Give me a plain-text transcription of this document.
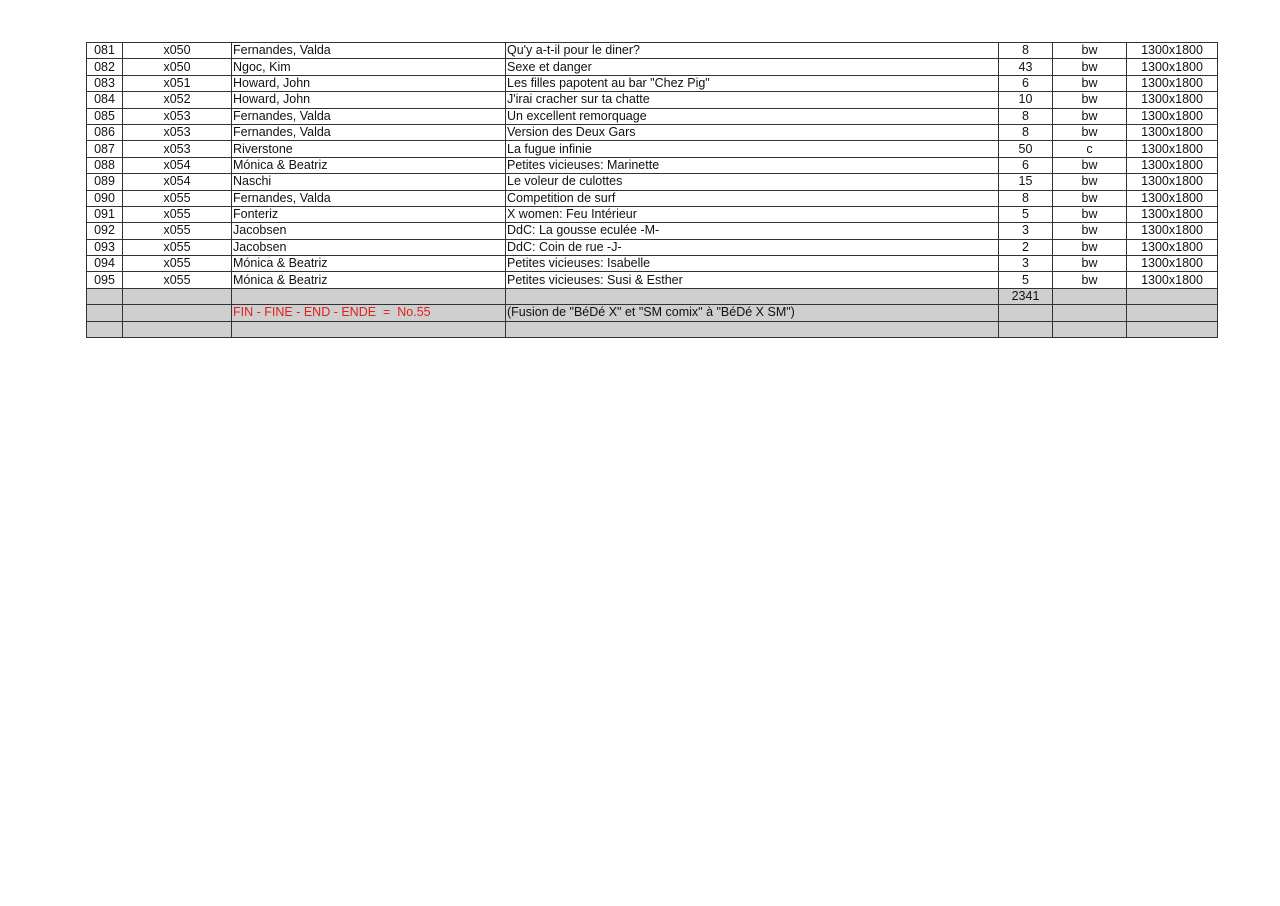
081	x050	Fernandes, Valda	Qu'y a-t-il pour le diner?	8	bw	1300x1800
082	x050	Ngoc, Kim	Sexe et danger	43	bw	1300x1800
083	x051	Howard, John	Les filles papotent au bar "Chez Pig"	6	bw	1300x1800
084	x052	Howard, John	J'irai cracher sur ta chatte	10	bw	1300x1800
085	x053	Fernandes, Valda	Un excellent remorquage	8	bw	1300x1800
086	x053	Fernandes, Valda	Version des Deux Gars	8	bw	1300x1800
087	x053	Riverstone	La fugue infinie	50	c	1300x1800
088	x054	Mónica & Beatriz	Petites vicieuses: Marinette	6	bw	1300x1800
089	x054	Naschi	Le voleur de culottes	15	bw	1300x1800
090	x055	Fernandes, Valda	Competition de surf	8	bw	1300x1800
091	x055	Fonteriz	X women: Feu Intérieur	5	bw	1300x1800
092	x055	Jacobsen	DdC: La gousse eculée -M-	3	bw	1300x1800
093	x055	Jacobsen	DdC: Coin de rue -J-	2	bw	1300x1800
094	x055	Mónica & Beatriz	Petites vicieuses: Isabelle	3	bw	1300x1800
095	x055	Mónica & Beatriz	Petites vicieuses: Susi & Esther	5	bw	1300x1800
				2341		
		FIN - FINE - END - ENDE  =  No.55	(Fusion de "BéDé X" et "SM comix" à "BéDé X SM")			
